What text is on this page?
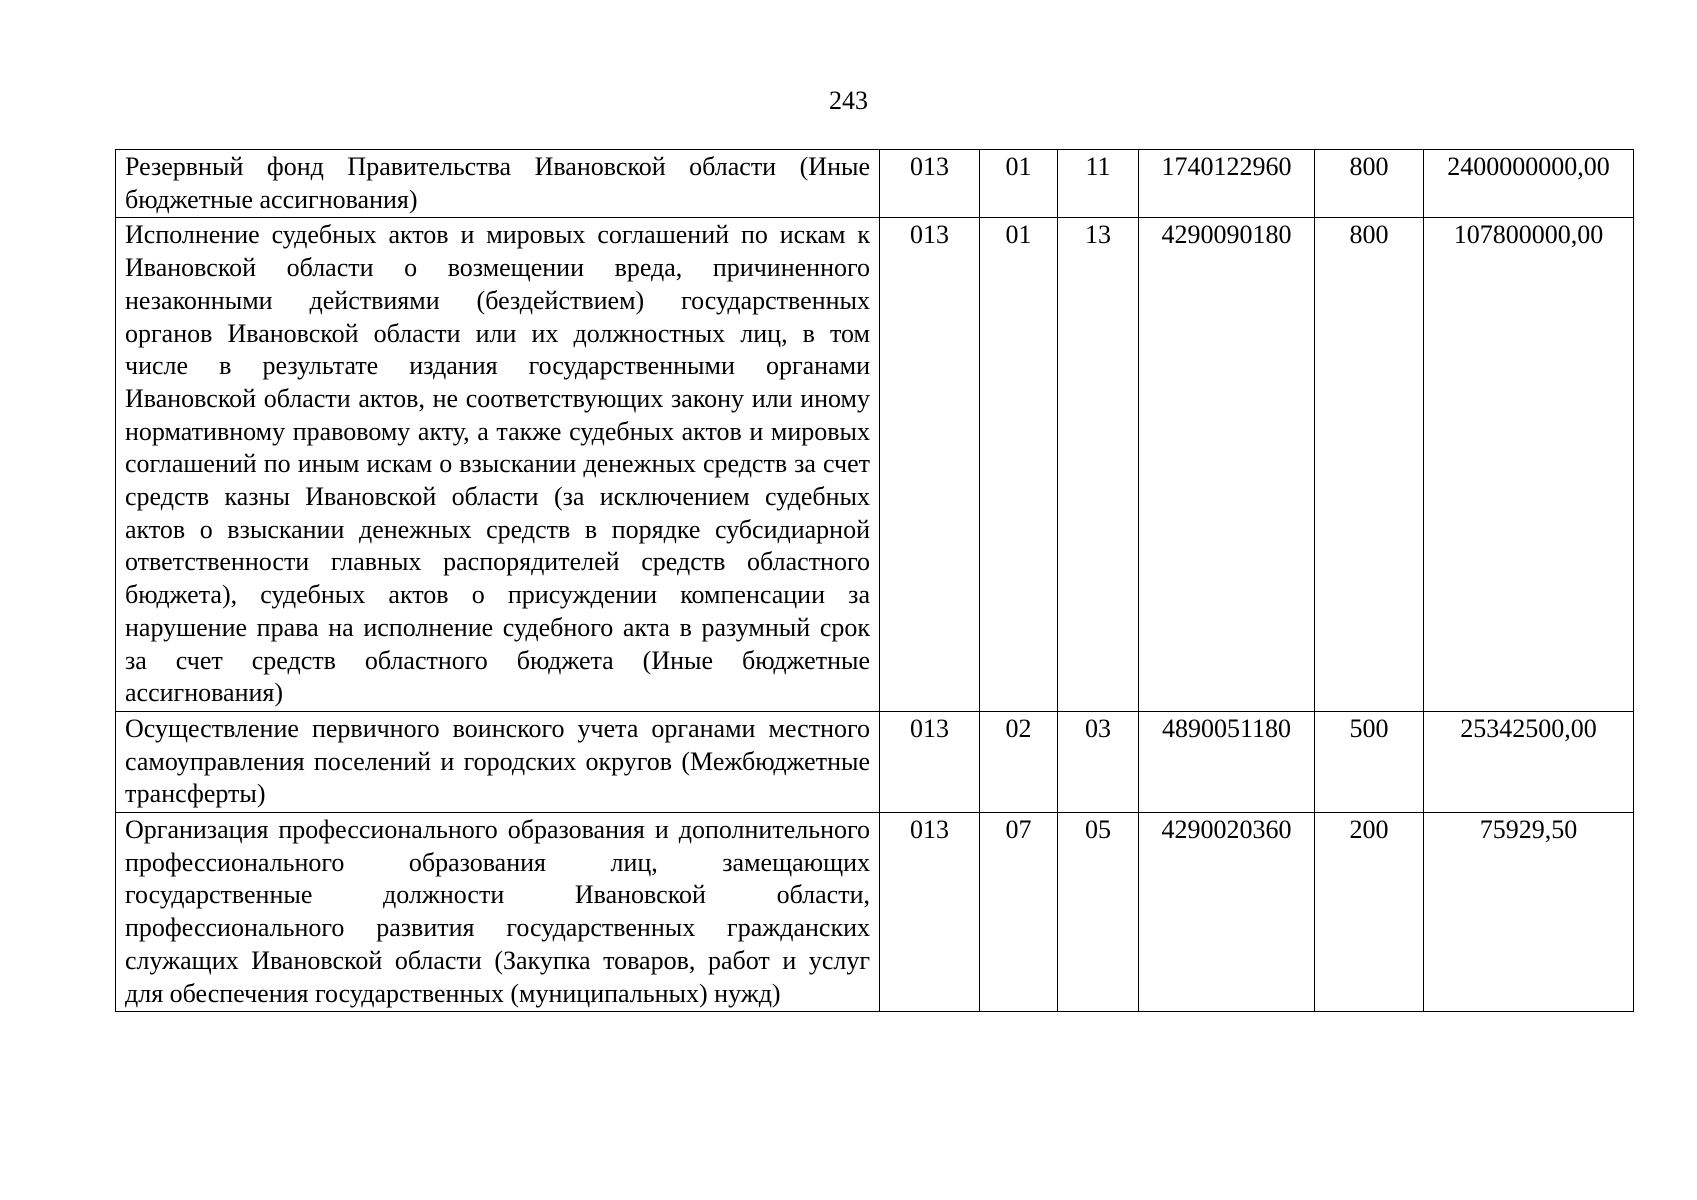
243
Резервный фонд Правительства Ивановской области (Иные бюджетные ассигнования)	013	01	11	1740122960	800	2400000000,00
Исполнение судебных актов и мировых соглашений по искам к Ивановской области о возмещении вреда, причиненного незаконными действиями (бездействием) государственных органов Ивановской области или их должностных лиц, в том числе в результате издания государственными органами Ивановской области актов, не соответствующих закону или иному нормативному правовому акту, а также судебных актов и мировых соглашений по иным искам о взыскании денежных средств за счет средств казны Ивановской области (за исключением судебных актов о взыскании денежных средств в порядке субсидиарной ответственности главных распорядителей средств областного бюджета), судебных актов о присуждении компенсации за нарушение права на исполнение судебного акта в разумный срок за счет средств областного бюджета (Иные бюджетные ассигнования)	013	01	13	4290090180	800	107800000,00
Осуществление первичного воинского учета органами местного самоуправления поселений и городских округов (Межбюджетные трансферты)	013	02	03	4890051180	500	25342500,00
Организация профессионального образования и дополнительного профессионального образования лиц, замещающих государственные должности Ивановской области, профессионального развития государственных гражданских служащих Ивановской области (Закупка товаров, работ и услуг для обеспечения государственных (муниципальных) нужд)	013	07	05	4290020360	200	75929,50
